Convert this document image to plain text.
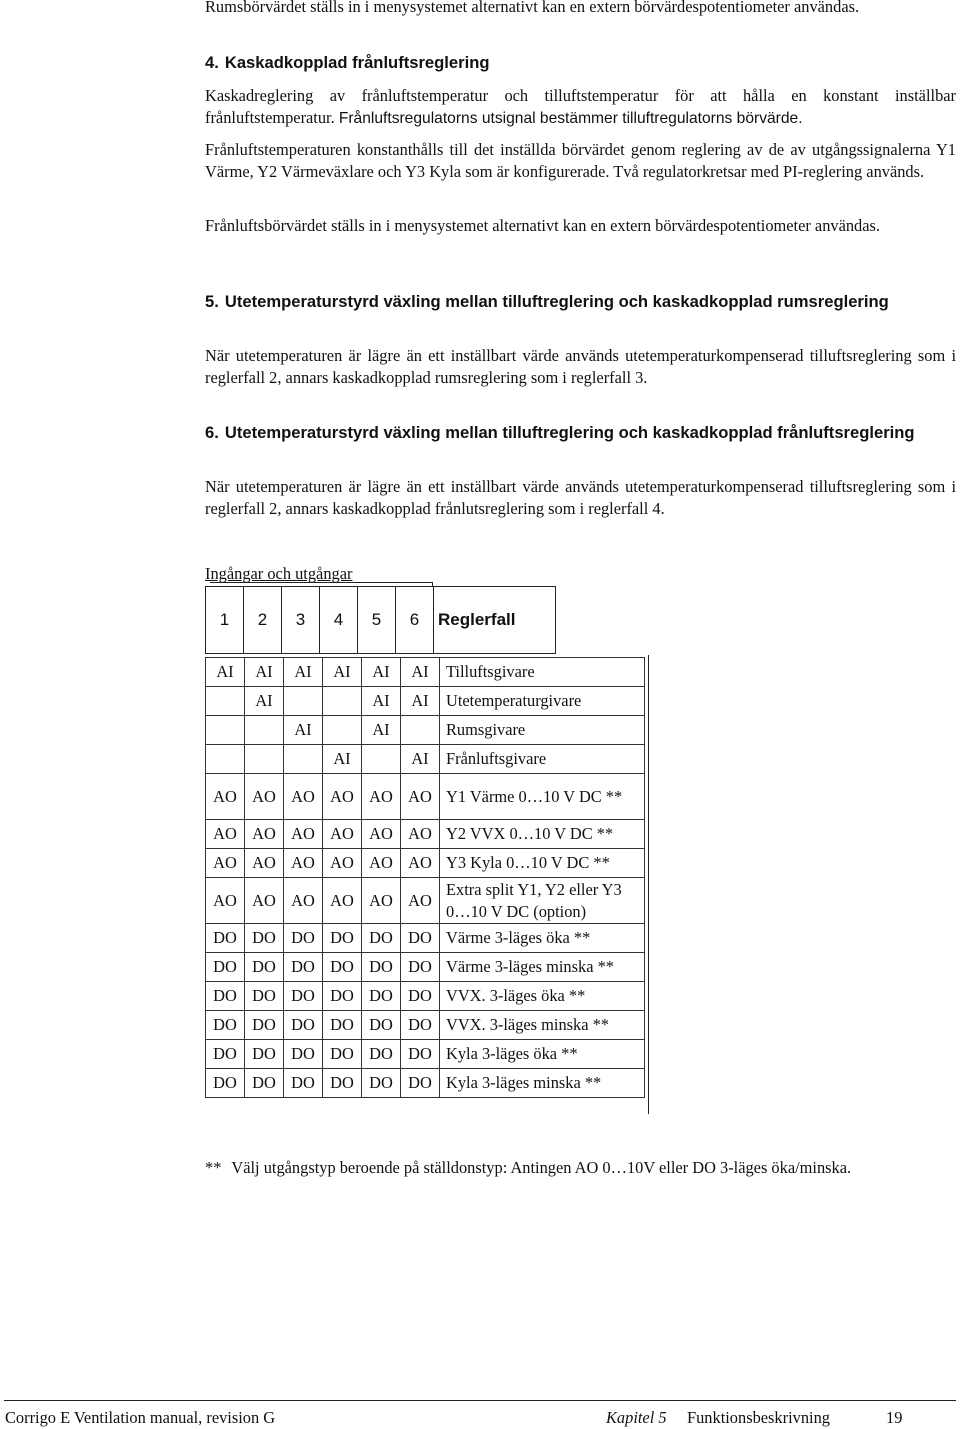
Rumsbörvärdet ställs in i menysystemet alternativt kan en extern börvärdespotentiometer användas.

4. Kaskadkopplad frånluftsreglering

Kaskadreglering av frånluftstemperatur och tilluftstemperatur för att hålla en konstant inställbar frånluftstemperatur. Frånluftsregulatorns utsignal bestämmer tilluftregulatorns börvärde.

Frånluftstemperaturen konstanthålls till det inställda börvärdet genom reglering av de av utgångssignalerna Y1 Värme, Y2 Värmeväxlare och Y3 Kyla som är konfigurerade. Två regulatorkretsar med PI-reglering används.

Frånluftsbörvärdet ställs in i menysystemet alternativt kan en extern börvärdespotentiometer användas.

5. Utetemperaturstyrd växling mellan tilluftreglering och kaskadkopplad rumsreglering

När utetemperaturen är lägre än ett inställbart värde används utetemperaturkompenserad tilluftsreglering som i reglerfall 2, annars kaskadkopplad rumsreglering som i reglerfall 3.

6. Utetemperaturstyrd växling mellan tilluftreglering och kaskadkopplad frånluftsreglering

När utetemperaturen är lägre än ett inställbart värde används utetemperaturkompenserad tilluftsreglering som i reglerfall 2, annars kaskadkopplad frånlutsreglering som i reglerfall 4.

Ingångar och utgångar
1	2	3	4	5	6	Reglerfall
AI	AI	AI	AI	AI	AI	Tilluftsgivare
	AI			AI	AI	Utetemperaturgivare
		AI		AI		Rumsgivare
			AI		AI	Frånluftsgivare
AO	AO	AO	AO	AO	AO	Y1 Värme 0…10 V DC **
AO	AO	AO	AO	AO	AO	Y2 VVX 0…10 V DC **
AO	AO	AO	AO	AO	AO	Y3 Kyla 0…10 V DC **
AO	AO	AO	AO	AO	AO	Extra split Y1, Y2 eller Y3 0…10 V DC (option)
DO	DO	DO	DO	DO	DO	Värme 3-läges öka **
DO	DO	DO	DO	DO	DO	Värme 3-läges minska **
DO	DO	DO	DO	DO	DO	VVX. 3-läges öka **
DO	DO	DO	DO	DO	DO	VVX. 3-läges minska **
DO	DO	DO	DO	DO	DO	Kyla 3-läges öka **
DO	DO	DO	DO	DO	DO	Kyla 3-läges minska **
** Välj utgångstyp beroende på ställdonstyp: Antingen AO 0…10V eller DO 3-läges öka/minska.
Corrigo E Ventilation manual, revision G	Kapitel 5 Funktionsbeskrivning	19
